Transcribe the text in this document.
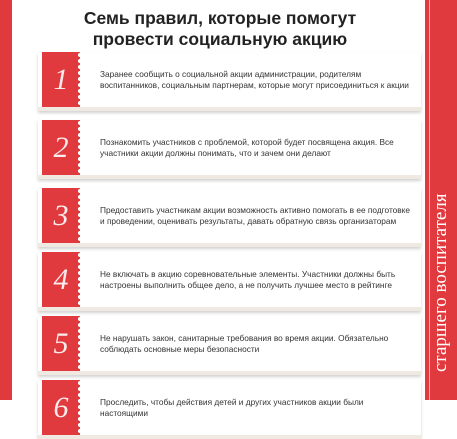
Семь правил, которые помогут
провести социальную акцию
1	Заранее сообщить о социальной акции администрации, родителям воспитанников, социальным партнерам, которые могут присоединиться к акции
2	Познакомить участников с проблемой, которой будет посвящена акция. Все участники акции должны понимать, что и зачем они делают
3	Предоставить участникам акции возможность активно помогать в ее подготовке и проведении, оценивать результаты, давать обратную связь организаторам
4	Не включать в акцию соревновательные элементы. Участники должны быть настроены выполнить общее дело, а не получить лучшее место в рейтинге
5	Не нарушать закон, санитарные требования во время акции. Обязательно соблюдать основные меры безопасности
6	Проследить, чтобы действия детей и других участников акции были настоящими
старшего воспитателя
